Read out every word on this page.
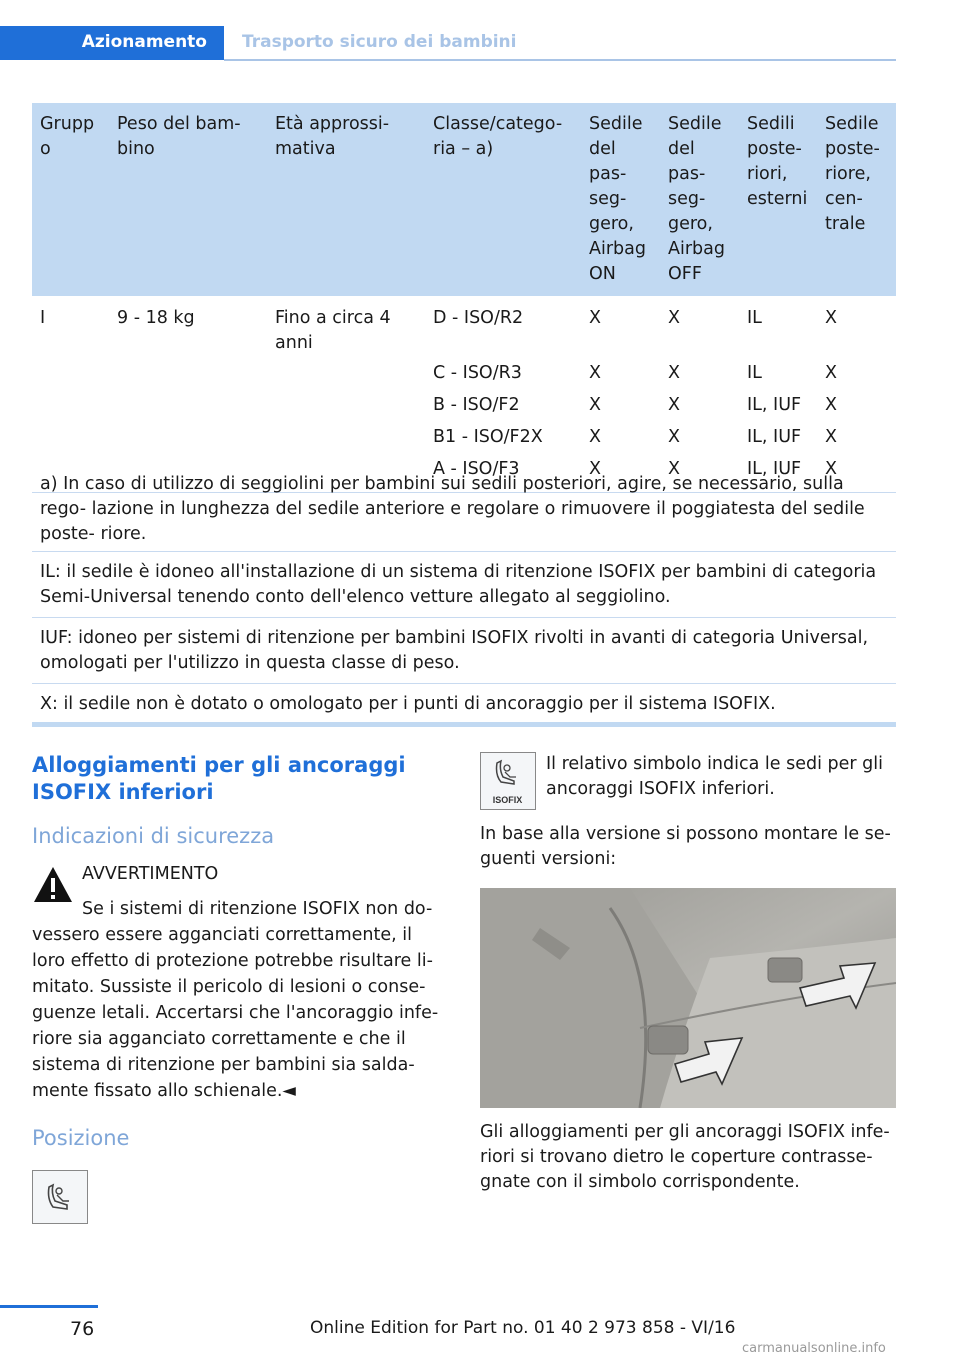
Azionamento	Trasporto sicuro dei bambini
Grupp o	Peso del bam- bino	Età approssi- mativa	Classe/catego- ria – a)	Sedile del pas- seg- gero, Airbag ON	Sedile del pas- seg- gero, Airbag OFF	Sedili poste- riori, esterni	Sedile poste- riore, cen- trale
I	9 - 18 kg	Fino a circa 4 anni	D - ISO/R2	X	X	IL	X
			C - ISO/R3	X	X	IL	X
			B - ISO/F2	X	X	IL, IUF	X
			B1 - ISO/F2X	X	X	IL, IUF	X
			A - ISO/F3	X	X	IL, IUF	X
a) In caso di utilizzo di seggiolini per bambini sui sedili posteriori, agire, se necessario, sulla rego- lazione in lunghezza del sedile anteriore e regolare o rimuovere il poggiatesta del sedile poste- riore.
IL: il sedile è idoneo all'installazione di un sistema di ritenzione ISOFIX per bambini di categoria Semi-Universal tenendo conto dell'elenco vetture allegato al seggiolino.
IUF: idoneo per sistemi di ritenzione per bambini ISOFIX rivolti in avanti di categoria Universal, omologati per l'utilizzo in questa classe di peso.
X: il sedile non è dotato o omologato per i punti di ancoraggio per il sistema ISOFIX.
Alloggiamenti per gli ancoraggi ISOFIX inferiori
Indicazioni di sicurezza
AVVERTIMENTO
Se i sistemi di ritenzione ISOFIX non do- vessero essere agganciati correttamente, il loro effetto di protezione potrebbe risultare li- mitato. Sussiste il pericolo di lesioni o conse- guenze letali. Accertarsi che l'ancoraggio infe- riore sia agganciato correttamente e che il sistema di ritenzione per bambini sia salda- mente fissato allo schienale.◄
Posizione
ISOFIX
Il relativo simbolo indica le sedi per gli ancoraggi ISOFIX inferiori.
In base alla versione si possono montare le se- guenti versioni:
Gli alloggiamenti per gli ancoraggi ISOFIX infe- riori si trovano dietro le coperture contrasse- gnate con il simbolo corrispondente.
76	Online Edition for Part no. 01 40 2 973 858 - VI/16
carmanualsonline.info
